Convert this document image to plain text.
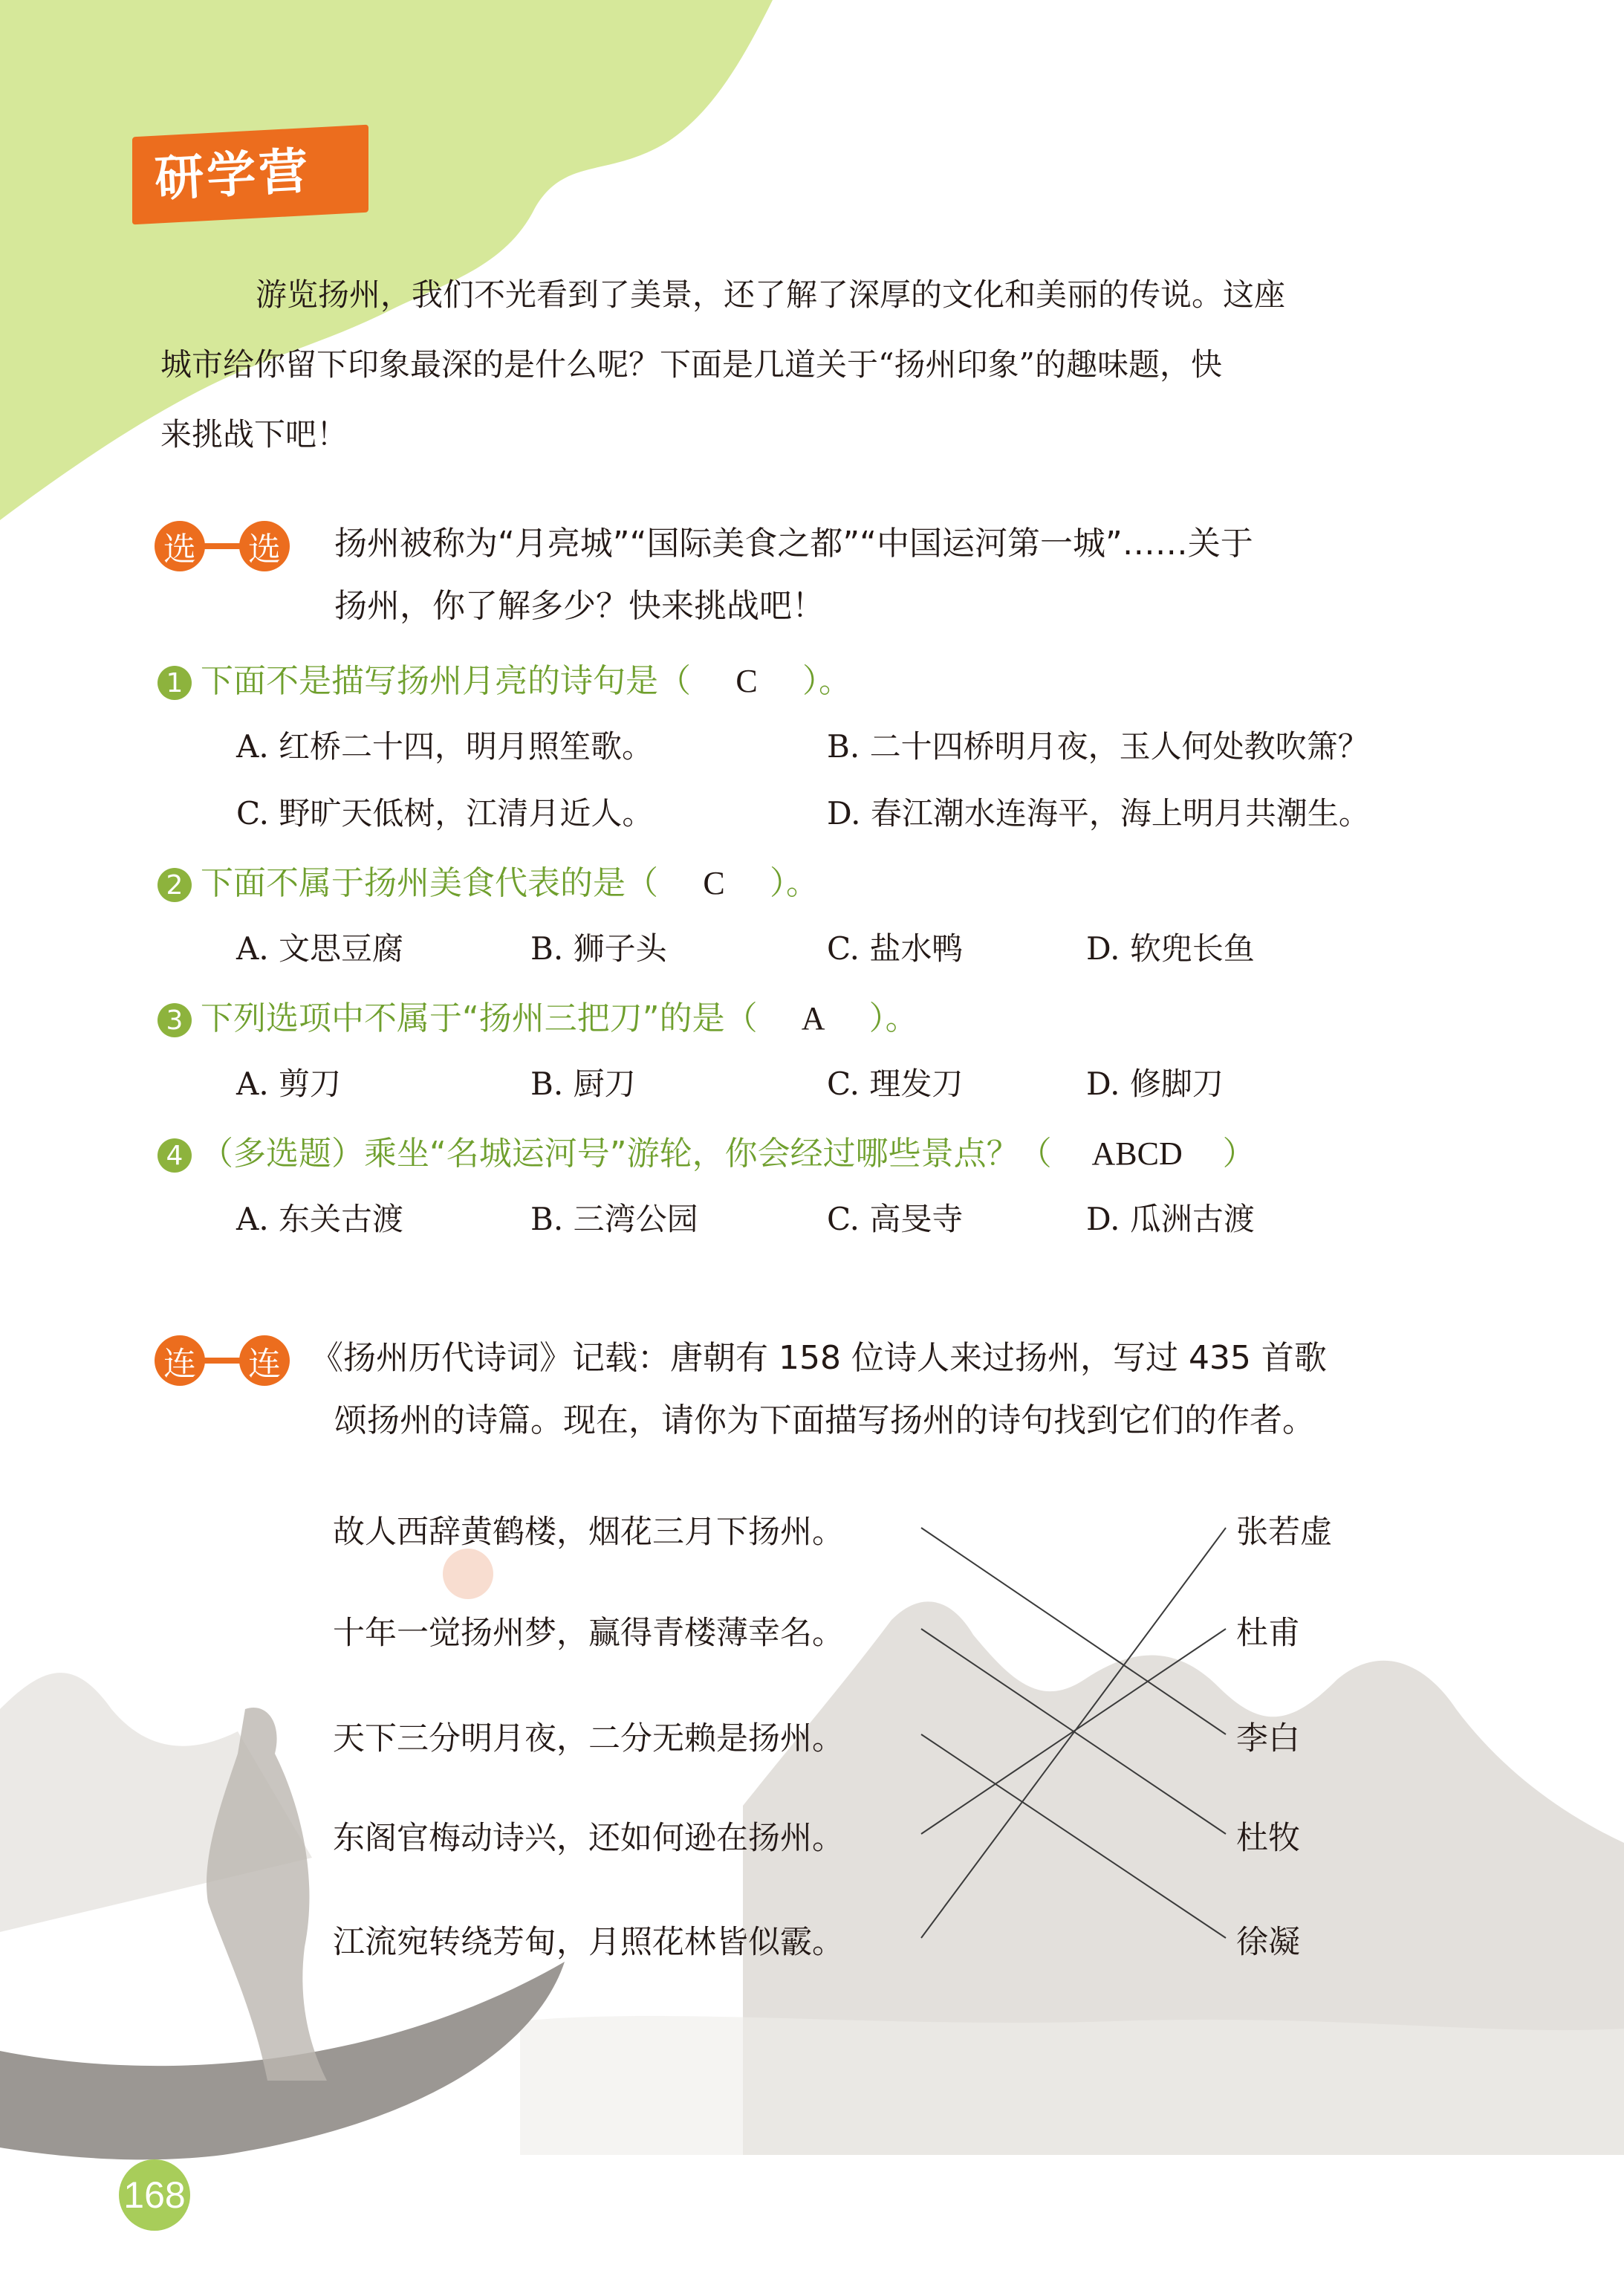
研学营

游览扬州，我们不光看到了美景，还了解了深厚的文化和美丽的传说。这座

城市给你留下印象最深的是什么呢？下面是几道关于“扬州印象”的趣味题，快

来挑战下吧！

选 选 扬州被称为“月亮城”“国际美食之都”“中国运河第一城”……关于
扬州，你了解多少？快来挑战吧！
1 下面不是描写扬州月亮的诗句是（ C ）。
A. 红桥二十四，明月照笙歌。	B. 二十四桥明月夜，玉人何处教吹箫？
C. 野旷天低树，江清月近人。	D. 春江潮水连海平，海上明月共潮生。
2 下面不属于扬州美食代表的是（ C ）。
A. 文思豆腐	B. 狮子头	C. 盐水鸭	D. 软兜长鱼
3 下列选项中不属于“扬州三把刀”的是（ A ）。
A. 剪刀	B. 厨刀	C. 理发刀	D. 修脚刀
4 （多选题）乘坐“名城运河号”游轮，你会经过哪些景点？（ ABCD ）
A. 东关古渡	B. 三湾公园	C. 高旻寺	D. 瓜洲古渡
连 连 《扬州历代诗词》记载：唐朝有 158 位诗人来过扬州，写过 435 首歌
颂扬州的诗篇。现在，请你为下面描写扬州的诗句找到它们的作者。
故人西辞黄鹤楼，烟花三月下扬州。
十年一觉扬州梦，赢得青楼薄幸名。
天下三分明月夜，二分无赖是扬州。
东阁官梅动诗兴，还如何逊在扬州。
江流宛转绕芳甸，月照花林皆似霰。
张若虚
杜甫
李白
杜牧
徐凝
168
